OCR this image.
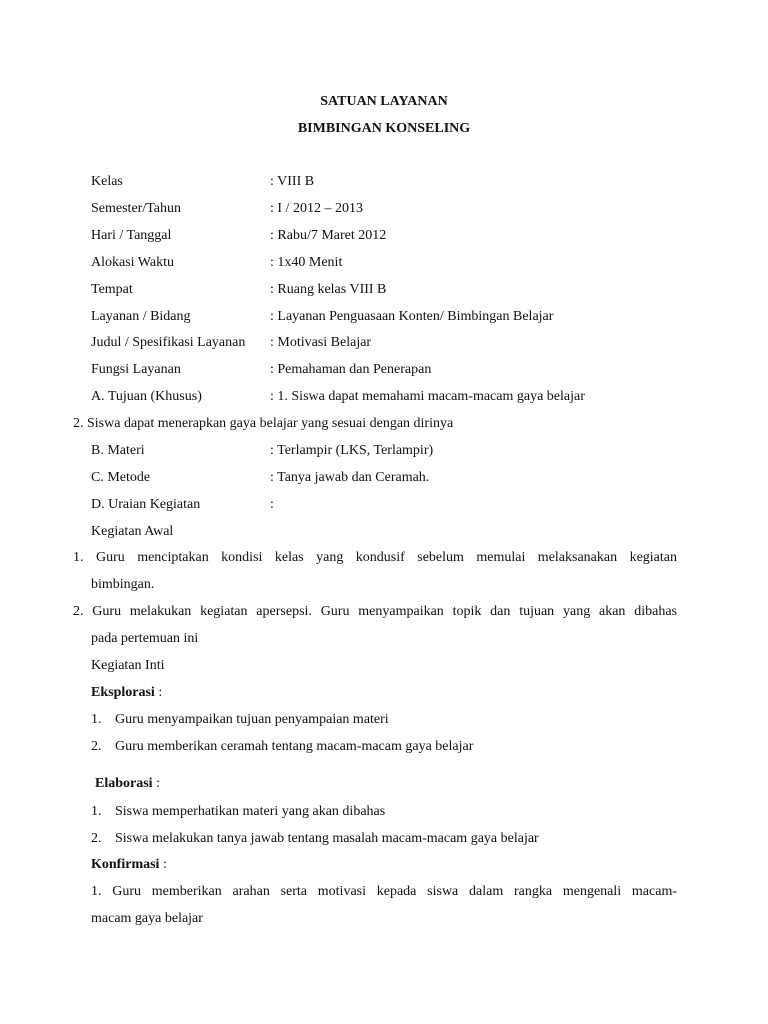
SATUAN LAYANAN
BIMBINGAN KONSELING
Kelas	: VIII B
Semester/Tahun	: I / 2012 – 2013
Hari / Tanggal	: Rabu/7 Maret 2012
Alokasi Waktu	: 1x40 Menit
Tempat	: Ruang kelas VIII B
Layanan / Bidang	: Layanan Penguasaan Konten/ Bimbingan Belajar
Judul / Spesifikasi Layanan : Motivasi Belajar
Fungsi Layanan	: Pemahaman dan Penerapan
A. Tujuan (Khusus)	: 1. Siswa dapat memahami macam-macam gaya belajar
2. Siswa dapat menerapkan gaya belajar yang sesuai dengan dirinya
B. Materi	: Terlampir (LKS, Terlampir)
C. Metode	: Tanya jawab dan Ceramah.
D. Uraian Kegiatan	:
Kegiatan Awal
1. Guru menciptakan kondisi kelas yang kondusif sebelum memulai melaksanakan kegiatan
bimbingan.
2. Guru melakukan kegiatan apersepsi. Guru menyampaikan topik dan tujuan yang akan dibahas
pada pertemuan ini
Kegiatan Inti
Eksplorasi :
1. Guru menyampaikan tujuan penyampaian materi
2. Guru memberikan ceramah tentang macam-macam gaya belajar
Elaborasi :
1. Siswa memperhatikan materi yang akan dibahas
2. Siswa melakukan tanya jawab tentang masalah macam-macam gaya belajar
Konfirmasi :
1. Guru memberikan arahan serta motivasi kepada siswa dalam rangka mengenali macam-
macam gaya belajar
